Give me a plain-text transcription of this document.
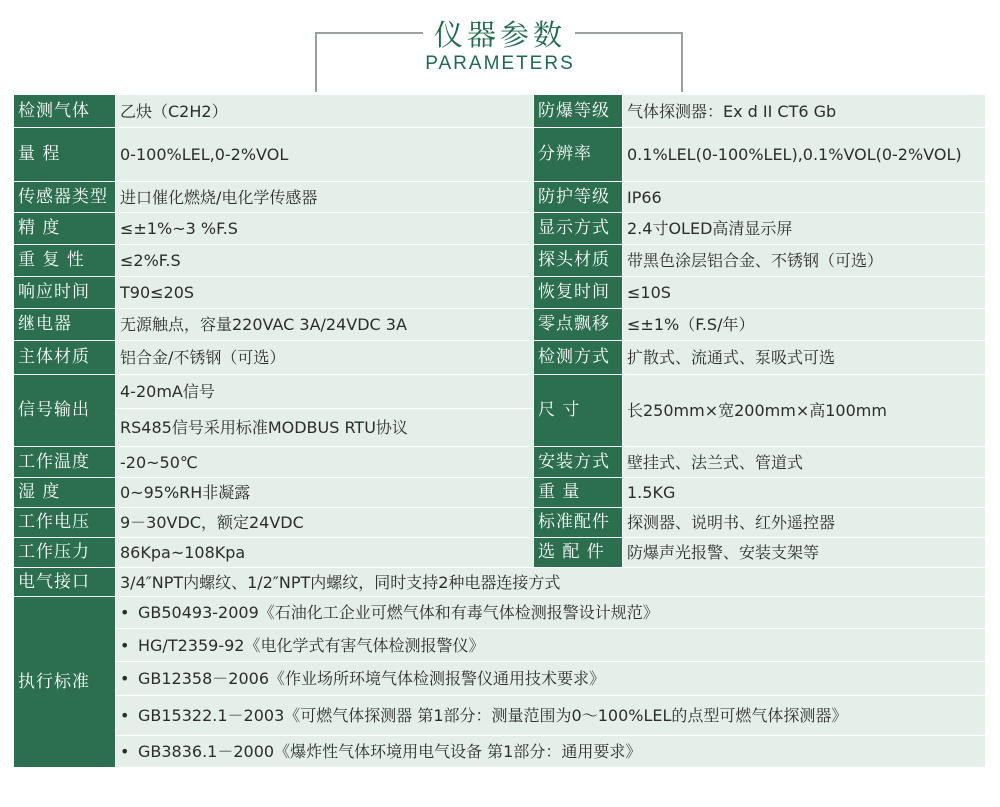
仪器参数
PARAMETERS
检测气体	乙炔（C2H2）	防爆等级	气体探测器：Ex d II CT6 Gb
量 程	0-100%LEL,0-2%VOL	分辨率	0.1%LEL(0-100%LEL),0.1%VOL(0-2%VOL)
传感器类型	进口催化燃烧/电化学传感器	防护等级	IP66
精 度	≤±1%~3 %F.S	显示方式	2.4寸OLED高清显示屏
重 复 性	≤2%F.S	探头材质	带黑色涂层铝合金、不锈钢（可选）
响应时间	T90≤20S	恢复时间	≤10S
继电器	无源触点，容量220VAC 3A/24VDC 3A	零点飘移	≤±1%（F.S/年）
主体材质	铝合金/不锈钢（可选）	检测方式	扩散式、流通式、泵吸式可选
信号输出	4-20mA信号	尺 寸	长250mm×宽200mm×高100mm
	RS485信号采用标准MODBUS RTU协议		
工作温度	-20~50℃	安装方式	壁挂式、法兰式、管道式
湿 度	0~95%RH非凝露	重 量	1.5KG
工作电压	9－30VDC，额定24VDC	标准配件	探测器、说明书、红外遥控器
工作压力	86Kpa~108Kpa	选 配 件	防爆声光报警、安装支架等
电气接口	3/4″NPT内螺纹、1/2″NPT内螺纹，同时支持2种电器连接方式		
执行标准	• GB50493-2009《石油化工企业可燃气体和有毒气体检测报警设计规范》		
	• HG/T2359-92《电化学式有害气体检测报警仪》		
	• GB12358－2006《作业场所环境气体检测报警仪通用技术要求》		
	• GB15322.1－2003《可燃气体探测器 第1部分：测量范围为0～100%LEL的点型可燃气体探测器》		
	• GB3836.1－2000《爆炸性气体环境用电气设备 第1部分：通用要求》		
